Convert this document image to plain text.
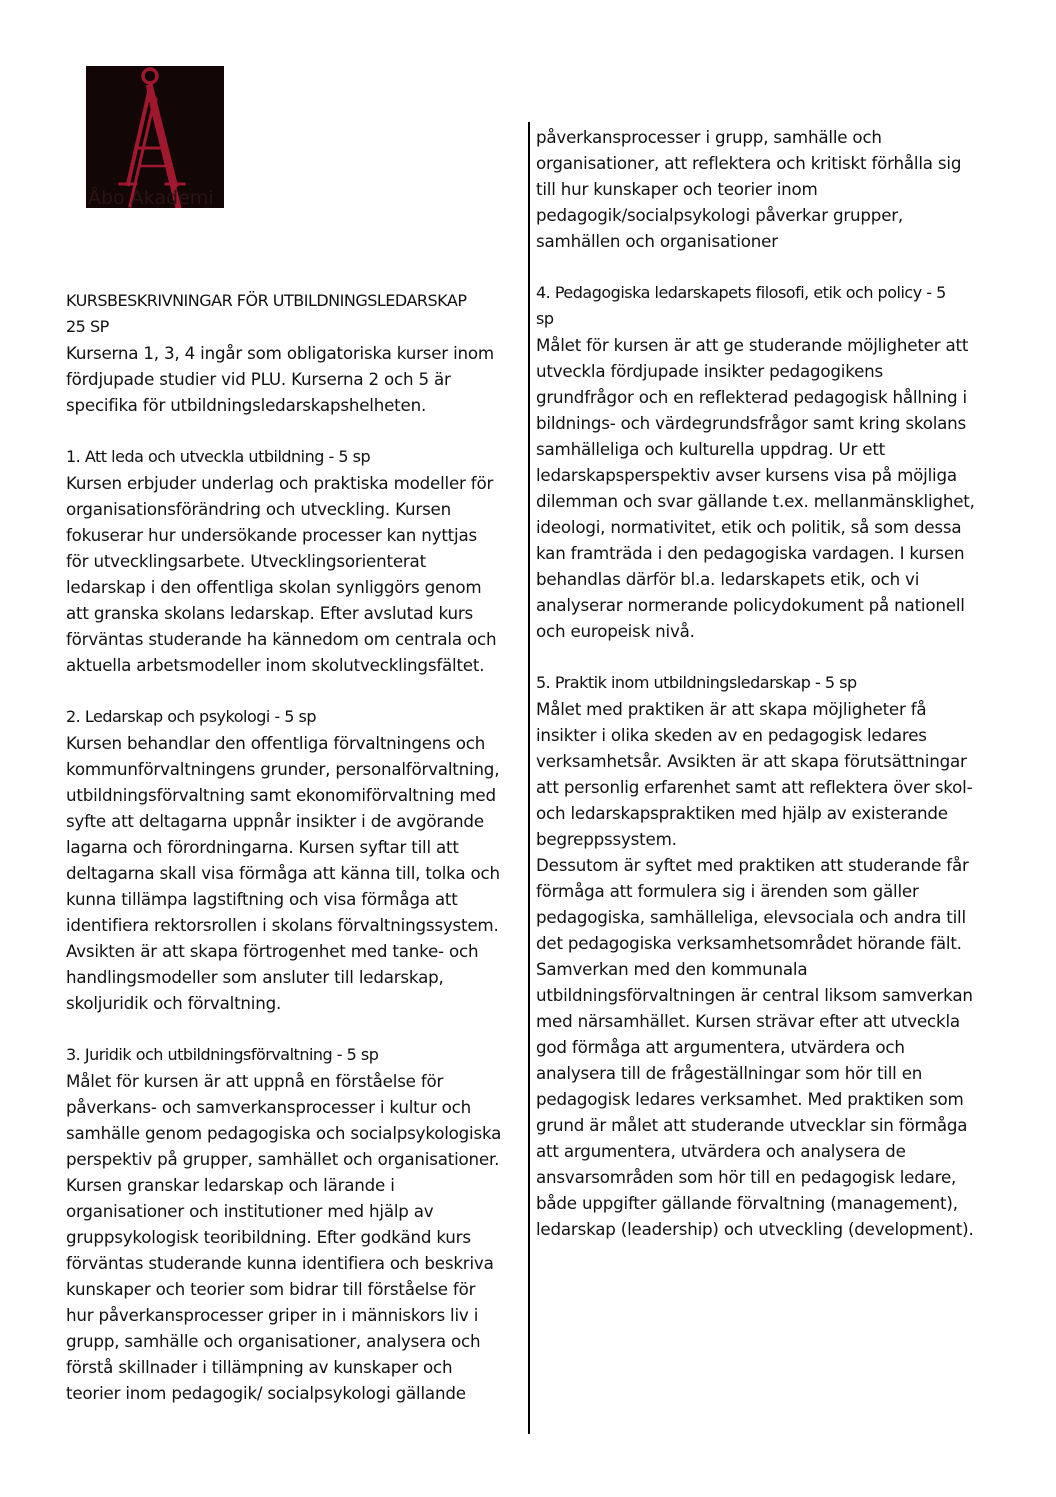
Åbo Akademi

KURSBESKRIVNINGAR FÖR UTBILDNINGSLEDARSKAP
25 SP

Kurserna 1, 3, 4 ingår som obligatoriska kurser inom
fördjupade studier vid PLU. Kurserna 2 och 5 är
specifika för utbildningsledarskapshelheten.

1. Att leda och utveckla utbildning - 5 sp
Kursen erbjuder underlag och praktiska modeller för
organisationsförändring och utveckling. Kursen
fokuserar hur undersökande processer kan nyttjas
för utvecklingsarbete. Utvecklingsorienterat
ledarskap i den offentliga skolan synliggörs genom
att granska skolans ledarskap. Efter avslutad kurs
förväntas studerande ha kännedom om centrala och
aktuella arbetsmodeller inom skolutvecklingsfältet.
2. Ledarskap och psykologi - 5 sp
Kursen behandlar den offentliga förvaltningens och
kommunförvaltningens grunder, personalförvaltning,
utbildningsförvaltning samt ekonomiförvaltning med
syfte att deltagarna uppnår insikter i de avgörande
lagarna och förordningarna. Kursen syftar till att
deltagarna skall visa förmåga att känna till, tolka och
kunna tillämpa lagstiftning och visa förmåga att
identifiera rektorsrollen i skolans förvaltningssystem.
Avsikten är att skapa förtrogenhet med tanke- och
handlingsmodeller som ansluter till ledarskap,
skoljuridik och förvaltning.
3. Juridik och utbildningsförvaltning - 5 sp
Målet för kursen är att uppnå en förståelse för
påverkans- och samverkansprocesser i kultur och
samhälle genom pedagogiska och socialpsykologiska
perspektiv på grupper, samhället och organisationer.
Kursen granskar ledarskap och lärande i
organisationer och institutioner med hjälp av
gruppsykologisk teoribildning. Efter godkänd kurs
förväntas studerande kunna identifiera och beskriva
kunskaper och teorier som bidrar till förståelse för
hur påverkansprocesser griper in i människors liv i
grupp, samhälle och organisationer, analysera och
förstå skillnader i tillämpning av kunskaper och
teorier inom pedagogik/ socialpsykologi gällande
påverkansprocesser i grupp, samhälle och
organisationer, att reflektera och kritiskt förhålla sig
till hur kunskaper och teorier inom
pedagogik/socialpsykologi påverkar grupper,
samhällen och organisationer
4. Pedagogiska ledarskapets filosofi, etik och policy - 5
sp
Målet för kursen är att ge studerande möjligheter att
utveckla fördjupade insikter pedagogikens
grundfrågor och en reflekterad pedagogisk hållning i
bildnings- och värdegrundsfrågor samt kring skolans
samhälleliga och kulturella uppdrag. Ur ett
ledarskapsperspektiv avser kursens visa på möjliga
dilemman och svar gällande t.ex. mellanmänsklighet,
ideologi, normativitet, etik och politik, så som dessa
kan framträda i den pedagogiska vardagen. I kursen
behandlas därför bl.a. ledarskapets etik, och vi
analyserar normerande policydokument på nationell
och europeisk nivå.
5. Praktik inom utbildningsledarskap - 5 sp
Målet med praktiken är att skapa möjligheter få
insikter i olika skeden av en pedagogisk ledares
verksamhetsår. Avsikten är att skapa förutsättningar
att personlig erfarenhet samt att reflektera över skol-
och ledarskapspraktiken med hjälp av existerande
begreppssystem.
Dessutom är syftet med praktiken att studerande får
förmåga att formulera sig i ärenden som gäller
pedagogiska, samhälleliga, elevsociala och andra till
det pedagogiska verksamhetsområdet hörande fält.
Samverkan med den kommunala
utbildningsförvaltningen är central liksom samverkan
med närsamhället. Kursen strävar efter att utveckla
god förmåga att argumentera, utvärdera och
analysera till de frågeställningar som hör till en
pedagogisk ledares verksamhet. Med praktiken som
grund är målet att studerande utvecklar sin förmåga
att argumentera, utvärdera och analysera de
ansvarsområden som hör till en pedagogisk ledare,
både uppgifter gällande förvaltning (management),
ledarskap (leadership) och utveckling (development).
